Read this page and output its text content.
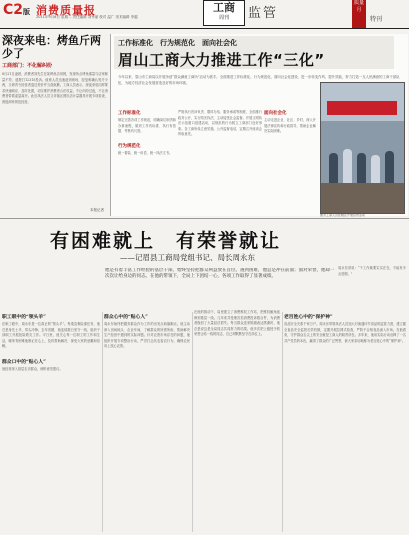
C2版 消费质量报
2011年9月6日 星期二 责任编辑 刘秀丽 校对 温广 美术编辑 李越
工商
周刊	监管
质量月
特刊
深夜来电：烤鱼斤两少了
工商部门：不化解纠纷
8月21日凌晨，消费者刘先生在某烤鱼店用餐，发现所点烤鱼重量与店家称量不符，遂拨打12315投诉。值班人员迅速赶到现场，经复称确认短斤少两，当即责令经营者退还差价并当面致歉。工商人员表示，深夜来电同样要求快速响应、及时处置，切实维护消费者合法权益，不让纠纷过夜，不让消费者带着委屈离开。此后执法人员又对辖区餐饮店计量器具开展专项检查，督促商家规范经营。
本报记者
工作标准化　行为规范化　面向社会化
眉山工商大力推进工作“三化”
今年以来，眉山市工商局以开展争创“群众满意工商所”活动为抓手，全面推进工作标准化、行为规范化、面向社会化建设，进一步转变作风、提升效能，努力打造一支人民满意的工商干部队伍，为地方经济社会发展营造良好的市场环境。
工作标准化
制定完善各项工作规范，明确岗位职责和办事流程，做到工作有标准、执行有依据、考核有尺度。
行为规范化
统一着装、统一用语、统一执法文书。
严格执行首问负责、限时办结、服务承诺等制度，全面推行政务公开，实行阳光执法，主动接受社会监督。开展文明执法示范窗口创建活动，以规范的行为树立工商部门良好形象。各工商所设立意见箱，公开监督电话，定期召开座谈会听取意见。
面向社会化
主动走进企业、社区、乡村，深入开展法律宣传和行政指导，帮助企业解决实际困难。
图为工商人员在辖区开展宣传活动
有困难就上　有荣誉就让
——记眉县工商局党组书记、局长周永东
他是有着丰富工作经验的基层干部，始终坚持把群众利益放在首位。遇到困难，他总是冲在前面；面对荣誉，他却一次次让给身边的同志。在他的带领下，全局上下团结一心，各项工作取得了显著成绩。
周永东常说：“干工作就要实实在在，不能有半点虚假。”
职工眼中的“领头羊”
在职工眼中，周永东是一位真正的“领头羊”。每逢急难险重任务，他总是身先士卒，带头冲锋。去年汛期，他连续数日坚守一线，组织干部职工开展抢险救灾工作。平日里，他关心每一位职工的工作和生活，哪家有困难他都记在心上，及时帮助解决，深受大家的爱戴和信赖。
群众口中的“贴心人”
他经常深入基层走访群众，倾听意见建议。
群众心中的“贴心人”
周永东始终把服务群众作为工作的出发点和落脚点。他主动深入田间地头、企业车间，了解群众的所需所盼，帮助解决生产经营中遇到的实际问题。针对农资市场存在的问题，他组织开展专项整治行动，严厉打击坑农害农行为，确保农民用上放心农资。
在他的推动下，局里建立了消费维权工作站，把维权触角延伸到基层一线。几年来共受理各类消费投诉数百件，为消费者挽回了大量经济损失。每当群众送来锦旗表达感谢时，他总是说这是全局同志共同努力的结果。他多次把上级授予的荣誉让给一线的同志，自己却默默坚守在岗位上。
老百姓心中的“保护神”
食品安全关系千家万户。周永东带领执法人员加大对流通环节食品的监管力度，建立健全食品安全监管长效机制，定期开展拉网式检查，严防不合格食品流入市场。在他看来，守护群众舌尖上的安全就是工商人的职责所在。多年来，他用实际行动诠释了一名共产党员的本色，赢得了群众的广泛赞誉，被大家亲切地称为老百姓心中的“保护神”。
